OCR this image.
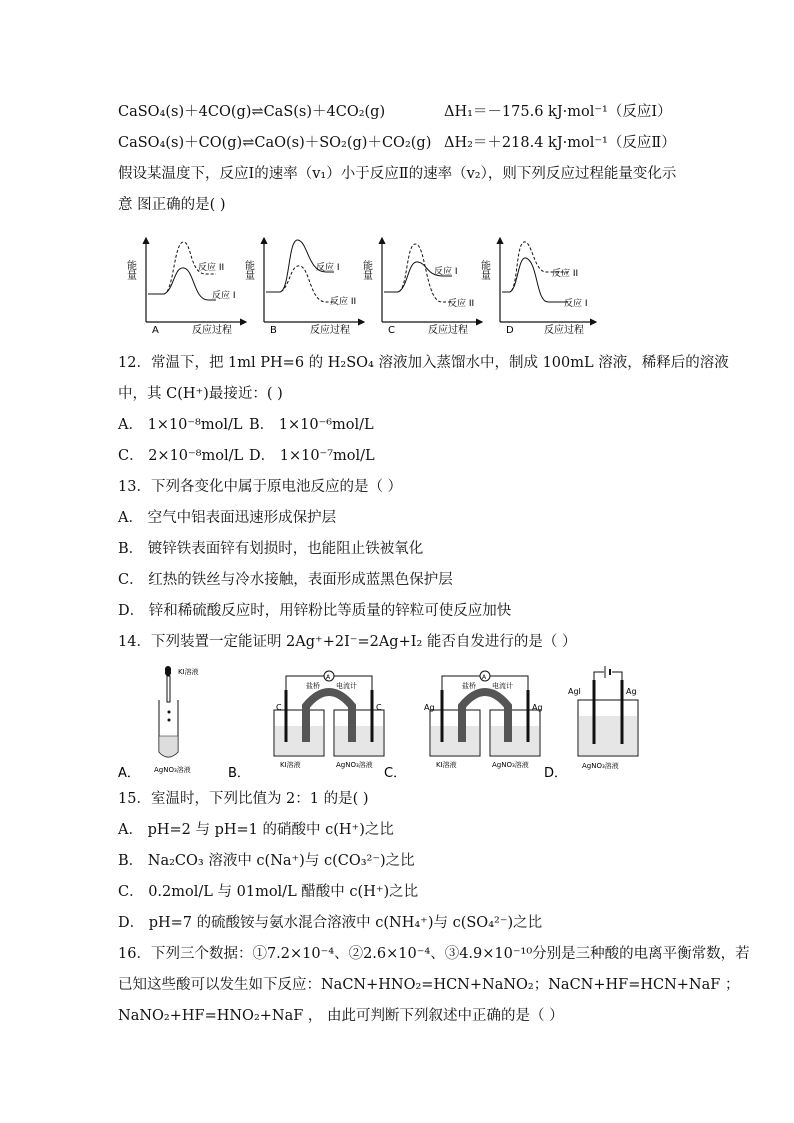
CaSO₄(s)＋4CO(g)⇌CaS(s)＋4CO₂(g)	ΔH₁＝－175.6 kJ·mol⁻¹（反应Ⅰ）
CaSO₄(s)＋CO(g)⇌CaO(s)＋SO₂(g)＋CO₂(g) ΔH₂＝＋218.4 kJ·mol⁻¹（反应Ⅱ）
假设某温度下，反应Ⅰ的速率（v₁）小于反应Ⅱ的速率（v₂），则下列反应过程能量变化示
意 图正确的是( )
能量	反应 II
反应 I
A	反应过程
能量	反应 I
反应 II
B	反应过程
能量	反应 I
反应 II
C	反应过程
能量	反应 II
反应 I
D	反应过程
12．常温下，把 1ml PH=6 的 H₂SO₄ 溶液加入蒸馏水中，制成 100mL 溶液，稀释后的溶液
中，其 C(H⁺)最接近：( )
A． 1×10⁻⁸mol/L B． 1×10⁻⁶mol/L
C． 2×10⁻⁸mol/L D． 1×10⁻⁷mol/L
13．下列各变化中属于原电池反应的是（ ）
A． 空气中铝表面迅速形成保护层
B． 镀锌铁表面锌有划损时，也能阻止铁被氧化
C． 红热的铁丝与冷水接触，表面形成蓝黑色保护层
D． 锌和稀硫酸反应时，用锌粉比等质量的锌粒可使反应加快
14．下列装置一定能证明 2Ag⁺+2I⁻=2Ag+I₂ 能否自发进行的是（ ）
KI溶液
AgNO₃溶液
A．
A
盐桥 电流计
C	C
KI溶液	AgNO₃溶液
B．
A
盐桥 电流计
Ag	Ag
KI溶液	AgNO₃溶液
C．
AgI	Ag
AgNO₃溶液
D．
15．室温时，下列比值为 2：1 的是( )
A． pH=2 与 pH=1 的硝酸中 c(H⁺)之比
B． Na₂CO₃ 溶液中 c(Na⁺)与 c(CO₃²⁻)之比
C． 0.2mol/L 与 01mol/L 醋酸中 c(H⁺)之比
D． pH=7 的硫酸铵与氨水混合溶液中 c(NH₄⁺)与 c(SO₄²⁻)之比
16．下列三个数据：①7.2×10⁻⁴、②2.6×10⁻⁴、③4.9×10⁻¹⁰分别是三种酸的电离平衡常数，若
已知这些酸可以发生如下反应：NaCN+HNO₂=HCN+NaNO₂；NaCN+HF=HCN+NaF ；
NaNO₂+HF=HNO₂+NaF ， 由此可判断下列叙述中正确的是（ ）
